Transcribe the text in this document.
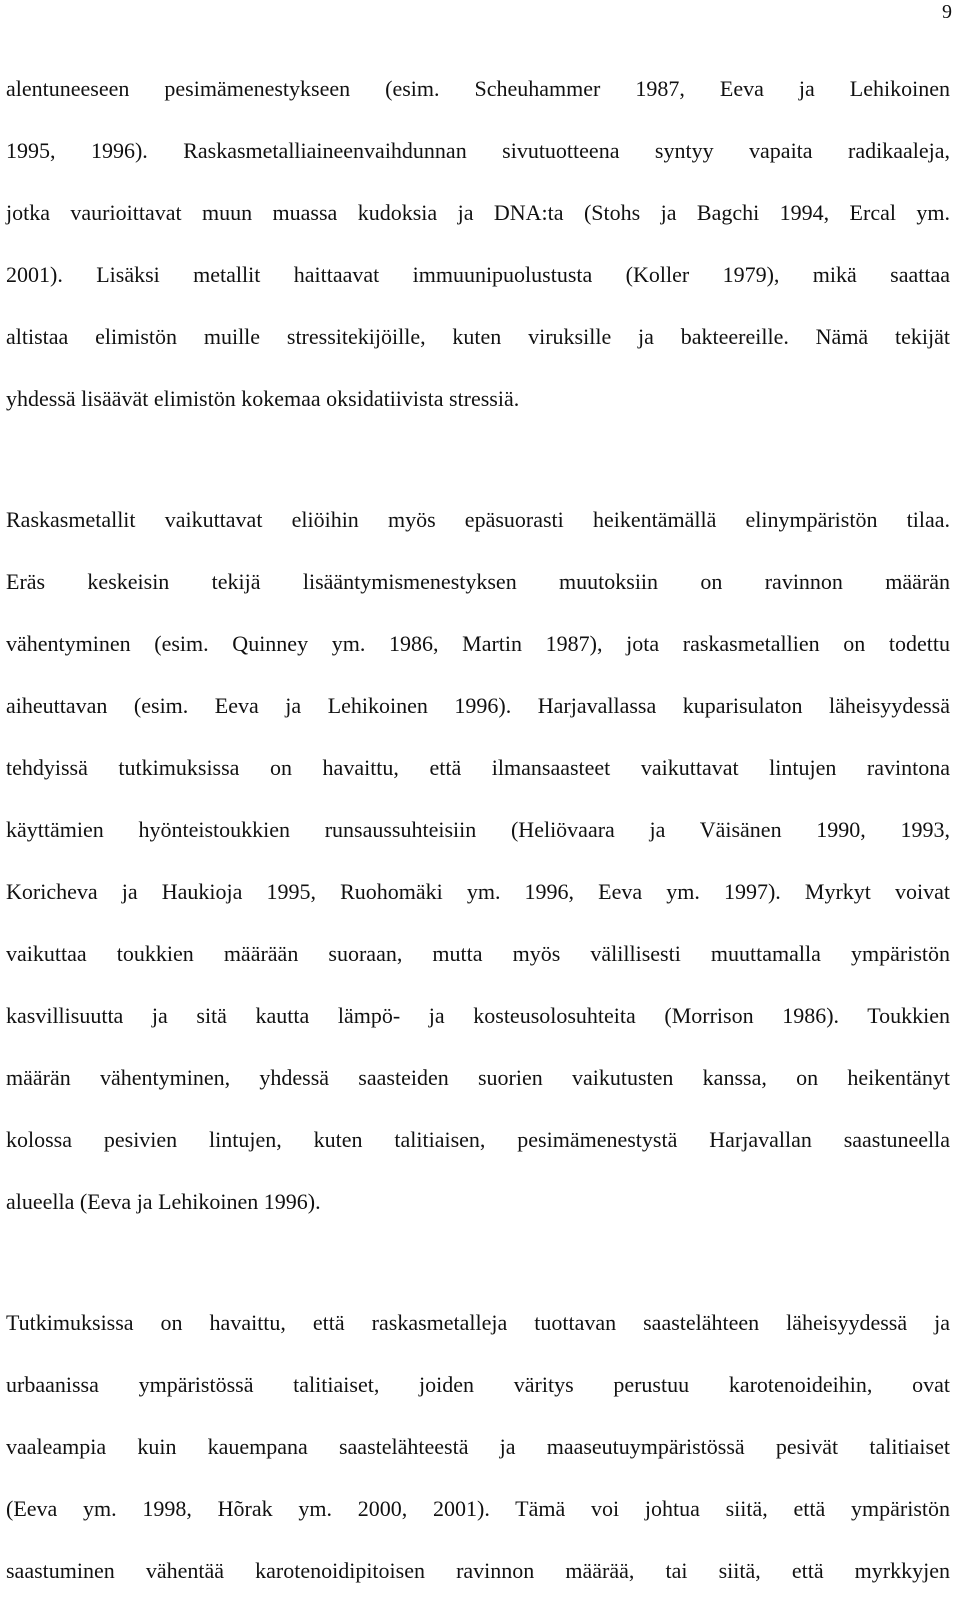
9
alentuneeseen pesimämenestykseen (esim. Scheuhammer 1987, Eeva ja Lehikoinen
1995, 1996). Raskasmetalliaineenvaihdunnan sivutuotteena syntyy vapaita radikaaleja,
jotka vaurioittavat muun muassa kudoksia ja DNA:ta (Stohs ja Bagchi 1994, Ercal ym.
2001). Lisäksi metallit haittaavat immuunipuolustusta (Koller 1979), mikä saattaa
altistaa elimistön muille stressitekijöille, kuten viruksille ja bakteereille. Nämä tekijät
yhdessä lisäävät elimistön kokemaa oksidatiivista stressiä.
Raskasmetallit vaikuttavat eliöihin myös epäsuorasti heikentämällä elinympäristön tilaa.
Eräs keskeisin tekijä lisääntymismenestyksen muutoksiin on ravinnon määrän
vähentyminen (esim. Quinney ym. 1986, Martin 1987), jota raskasmetallien on todettu
aiheuttavan (esim. Eeva ja Lehikoinen 1996). Harjavallassa kuparisulaton läheisyydessä
tehdyissä tutkimuksissa on havaittu, että ilmansaasteet vaikuttavat lintujen ravintona
käyttämien hyönteistoukkien runsaussuhteisiin (Heliövaara ja Väisänen 1990, 1993,
Koricheva ja Haukioja 1995, Ruohomäki ym. 1996, Eeva ym. 1997). Myrkyt voivat
vaikuttaa toukkien määrään suoraan, mutta myös välillisesti muuttamalla ympäristön
kasvillisuutta ja sitä kautta lämpö- ja kosteusolosuhteita (Morrison 1986). Toukkien
määrän vähentyminen, yhdessä saasteiden suorien vaikutusten kanssa, on heikentänyt
kolossa pesivien lintujen, kuten talitiaisen, pesimämenestystä Harjavallan saastuneella
alueella (Eeva ja Lehikoinen 1996).
Tutkimuksissa on havaittu, että raskasmetalleja tuottavan saastelähteen läheisyydessä ja
urbaanissa ympäristössä talitiaiset, joiden väritys perustuu karotenoideihin, ovat
vaaleampia kuin kauempana saastelähteestä ja maaseutuympäristössä pesivät talitiaiset
(Eeva ym. 1998, Hõrak ym. 2000, 2001). Tämä voi johtua siitä, että ympäristön
saastuminen vähentää karotenoidipitoisen ravinnon määrää, tai siitä, että myrkkyjen
